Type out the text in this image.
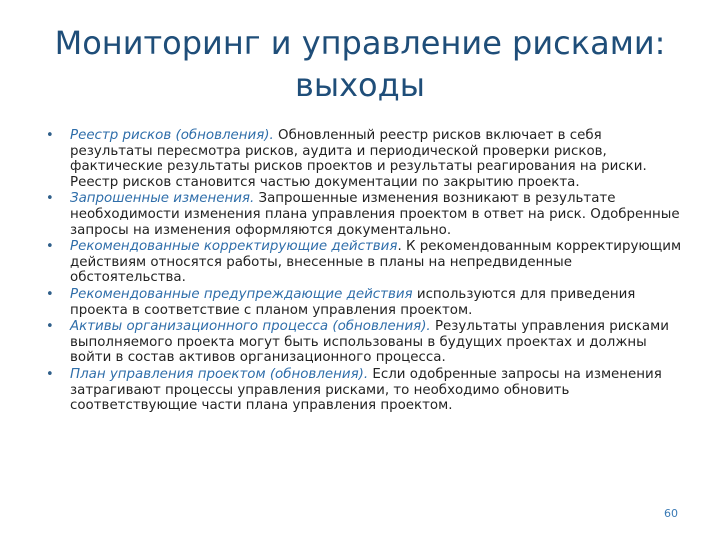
Мониторинг и управление рисками: выходы
• Реестр рисков (обновления). Обновленный реестр рисков включает в себя результаты пересмотра рисков, аудита и периодической проверки рисков, фактические результаты рисков проектов и результаты реагирования на риски. Реестр рисков становится частью документации по закрытию проекта.
• Запрошенные изменения. Запрошенные изменения возникают в результате необходимости изменения плана управления проектом в ответ на риск. Одобренные запросы на изменения оформляются документально.
• Рекомендованные корректирующие действия. К рекомендованным корректирующим действиям относятся работы, внесенные в планы на непредвиденные обстоятельства.
• Рекомендованные предупреждающие действия используются для приведения проекта в соответствие с планом управления проектом.
• Активы организационного процесса (обновления). Результаты управления рисками выполняемого проекта могут быть использованы в будущих проектах и должны войти в состав активов организационного процесса.
• План управления проектом (обновления). Если одобренные запросы на изменения затрагивают процессы управления рисками, то необходимо обновить соответствующие части плана управления проектом.
60
